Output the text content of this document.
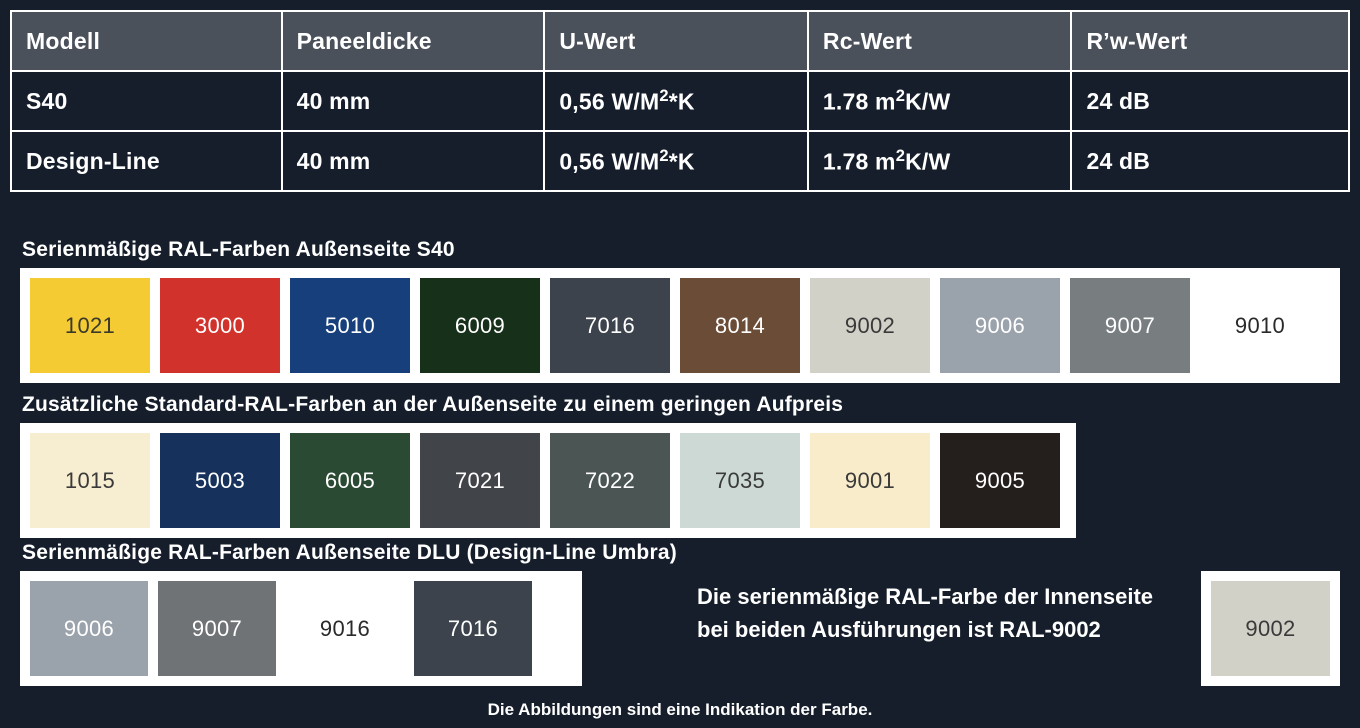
Modell	Paneeldicke	U-Wert	Rc-Wert	R’w-Wert
S40	40 mm	0,56 $W/M^2*K$	1.78 $m^2K/W$	24 dB
Design-Line	40 mm	0,56 $W/M^2*K$	1.78 $m^2K/W$	24 dB
Serienmäßige RAL-Farben Außenseite S40
1021	3000	5010	6009	7016	8014	9002	9006	9007	9010
Zusätzliche Standard-RAL-Farben an der Außenseite zu einem geringen Aufpreis
1015	5003	6005	7021	7022	7035	9001	9005
Serienmäßige RAL-Farben Außenseite DLU (Design-Line Umbra)
9006	9007	9016	7016
Die serienmäßige RAL-Farbe der Innenseite bei beiden Ausführungen ist RAL-9002	9002
Die Abbildungen sind eine Indikation der Farbe.
